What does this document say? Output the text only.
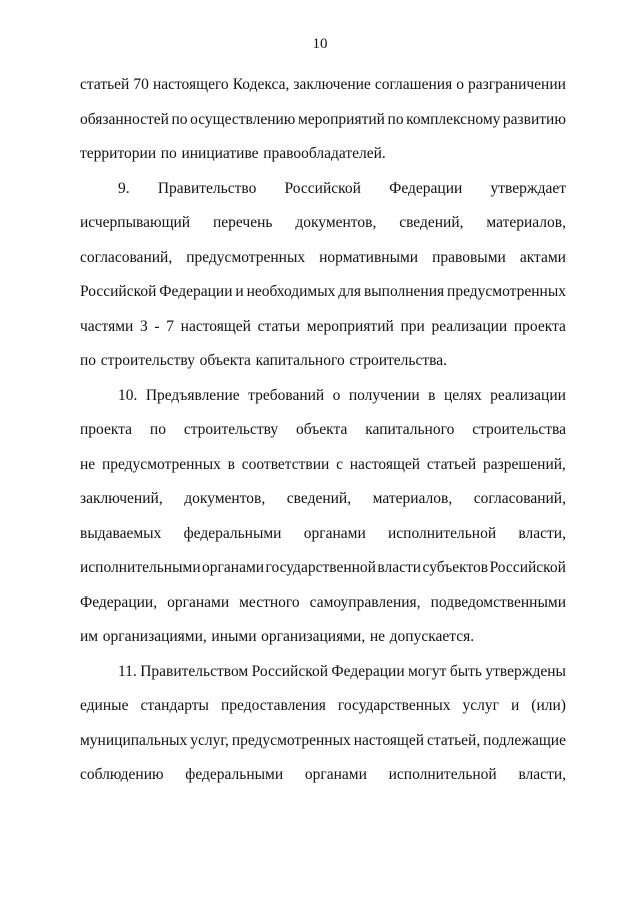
10
статьей 70 настоящего Кодекса, заключение соглашения о разграничении
обязанностей по осуществлению мероприятий по комплексному развитию
территории по инициативе правообладателей.
9. Правительство Российской Федерации утверждает
исчерпывающий перечень документов, сведений, материалов,
согласований, предусмотренных нормативными правовыми актами
Российской Федерации и необходимых для выполнения предусмотренных
частями 3 - 7 настоящей статьи мероприятий при реализации проекта
по строительству объекта капитального строительства.
10. Предъявление требований о получении в целях реализации
проекта по строительству объекта капитального строительства
не предусмотренных в соответствии с настоящей статьей разрешений,
заключений, документов, сведений, материалов, согласований,
выдаваемых федеральными органами исполнительной власти,
исполнительными органами государственной власти субъектов Российской
Федерации, органами местного самоуправления, подведомственными
им организациями, иными организациями, не допускается.
11. Правительством Российской Федерации могут быть утверждены
единые стандарты предоставления государственных услуг и (или)
муниципальных услуг, предусмотренных настоящей статьей, подлежащие
соблюдению федеральными органами исполнительной власти,
